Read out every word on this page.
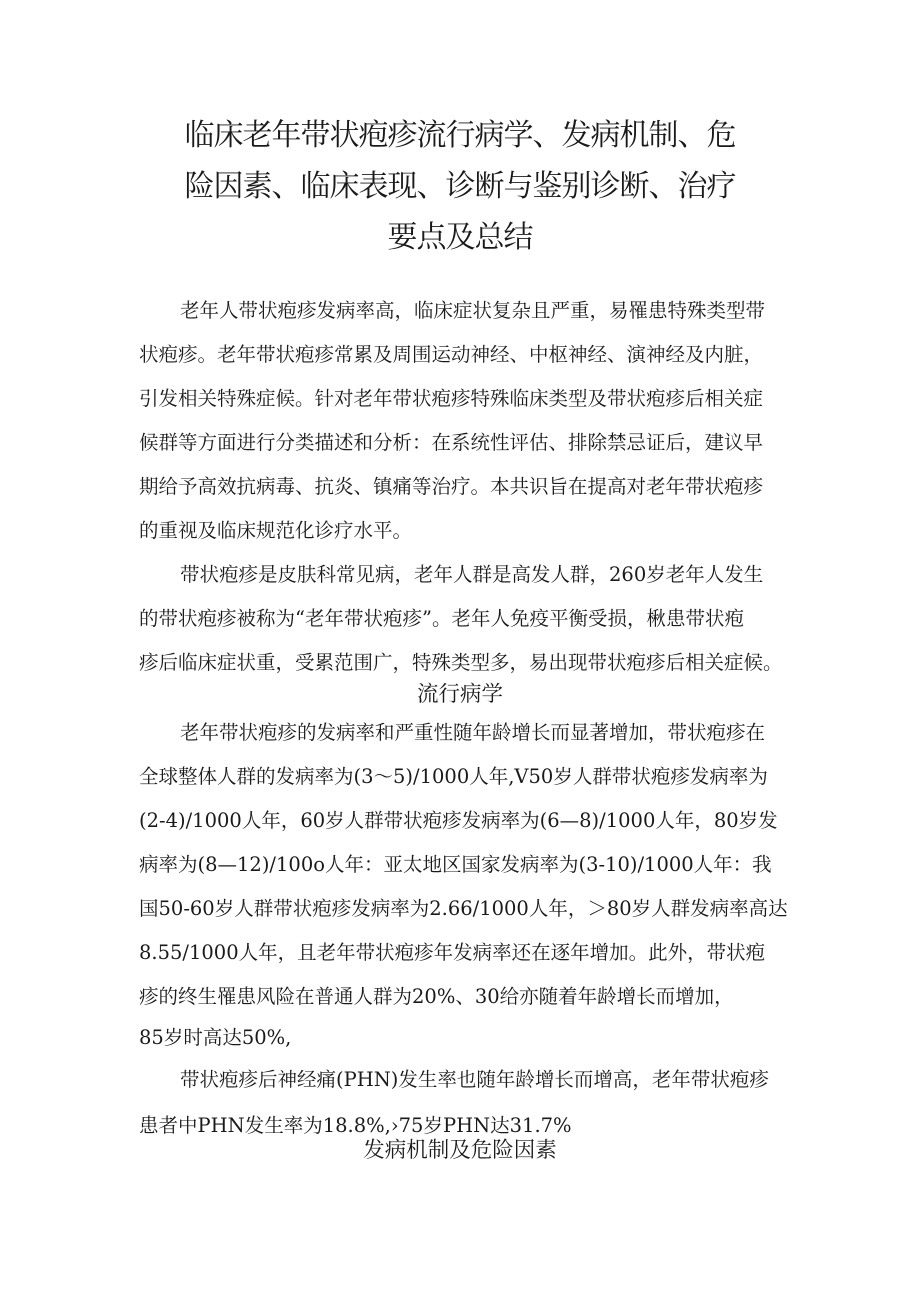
临床老年带状疱疹流行病学、发病机制、危
险因素、临床表现、诊断与鉴别诊断、治疗
要点及总结

老年人带状疱疹发病率高，临床症状复杂且严重，易罹患特殊类型带
状疱疹。老年带状疱疹常累及周围运动神经、中枢神经、演神经及内脏，
引发相关特殊症候。针对老年带状疱疹特殊临床类型及带状疱疹后相关症
候群等方面进行分类描述和分析：在系统性评估、排除禁忌证后，建议早
期给予高效抗病毒、抗炎、镇痛等治疗。本共识旨在提高对老年带状疱疹
的重视及临床规范化诊疗水平。

带状疱疹是皮肤科常见病，老年人群是高发人群，260岁老年人发生
的带状疱疹被称为“老年带状疱疹”。老年人免疫平衡受损，楸患带状疱
疹后临床症状重，受累范围广，特殊类型多，易出现带状疱疹后相关症候。

流行病学

老年带状疱疹的发病率和严重性随年龄增长而显著增加，带状疱疹在
全球整体人群的发病率为(3～5)/1000人年,V50岁人群带状疱疹发病率为
(2-4)/1000人年，60岁人群带状疱疹发病率为(6—8)/1000人年，80岁发
病率为(8—12)/100o人年：亚太地区国家发病率为(3-10)/1000人年：我
国50-60岁人群带状疱疹发病率为2.66/1000人年，＞80岁人群发病率高达
8.55/1000人年，且老年带状疱疹年发病率还在逐年增加。此外，带状疱
疹的终生罹患风险在普通人群为20%、30给亦随着年龄增长而增加，

85岁时高达50%,

带状疱疹后神经痛(PHN)发生率也随年龄增长而增高，老年带状疱疹
患者中PHN发生率为18.8%,›75岁PHN达31.7%

发病机制及危险因素
